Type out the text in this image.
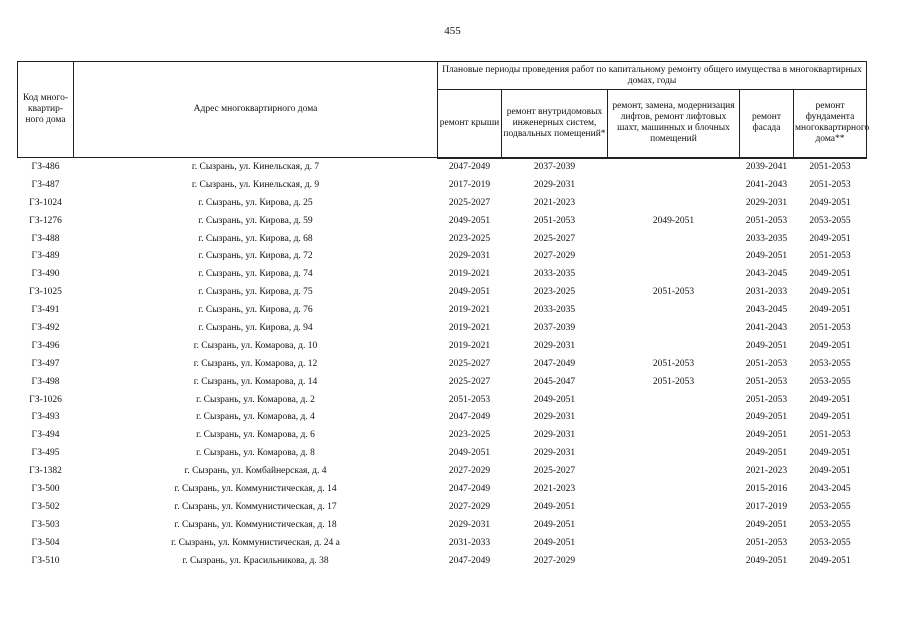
455
Код много-квартир-ного дома	Адрес многоквартирного дома	Плановые периоды проведения работ по капитальному ремонту общего имущества в многоквартирных домах, годы				
		ремонт крыши	ремонт внутридомовых инженерных систем, подвальных помещений*	ремонт, замена, модернизация лифтов, ремонт лифтовых шахт, машинных и блочных помещений	ремонт фасада	ремонт фундамента многоквартирного дома**
ГЗ-486	г. Сызрань, ул. Кинельская, д. 7	2047-2049	2037-2039		2039-2041	2051-2053
ГЗ-487	г. Сызрань, ул. Кинельская, д. 9	2017-2019	2029-2031		2041-2043	2051-2053
ГЗ-1024	г. Сызрань, ул. Кирова, д. 25	2025-2027	2021-2023		2029-2031	2049-2051
ГЗ-1276	г. Сызрань, ул. Кирова, д. 59	2049-2051	2051-2053	2049-2051	2051-2053	2053-2055
ГЗ-488	г. Сызрань, ул. Кирова, д. 68	2023-2025	2025-2027		2033-2035	2049-2051
ГЗ-489	г. Сызрань, ул. Кирова, д. 72	2029-2031	2027-2029		2049-2051	2051-2053
ГЗ-490	г. Сызрань, ул. Кирова, д. 74	2019-2021	2033-2035		2043-2045	2049-2051
ГЗ-1025	г. Сызрань, ул. Кирова, д. 75	2049-2051	2023-2025	2051-2053	2031-2033	2049-2051
ГЗ-491	г. Сызрань, ул. Кирова, д. 76	2019-2021	2033-2035		2043-2045	2049-2051
ГЗ-492	г. Сызрань, ул. Кирова, д. 94	2019-2021	2037-2039		2041-2043	2051-2053
ГЗ-496	г. Сызрань, ул. Комарова, д. 10	2019-2021	2029-2031		2049-2051	2049-2051
ГЗ-497	г. Сызрань, ул. Комарова, д. 12	2025-2027	2047-2049	2051-2053	2051-2053	2053-2055
ГЗ-498	г. Сызрань, ул. Комарова, д. 14	2025-2027	2045-2047	2051-2053	2051-2053	2053-2055
ГЗ-1026	г. Сызрань, ул. Комарова, д. 2	2051-2053	2049-2051		2051-2053	2049-2051
ГЗ-493	г. Сызрань, ул. Комарова, д. 4	2047-2049	2029-2031		2049-2051	2049-2051
ГЗ-494	г. Сызрань, ул. Комарова, д. 6	2023-2025	2029-2031		2049-2051	2051-2053
ГЗ-495	г. Сызрань, ул. Комарова, д. 8	2049-2051	2029-2031		2049-2051	2049-2051
ГЗ-1382	г. Сызрань, ул. Комбайнерская, д. 4	2027-2029	2025-2027		2021-2023	2049-2051
ГЗ-500	г. Сызрань, ул. Коммунистическая, д. 14	2047-2049	2021-2023		2015-2016	2043-2045
ГЗ-502	г. Сызрань, ул. Коммунистическая, д. 17	2027-2029	2049-2051		2017-2019	2053-2055
ГЗ-503	г. Сызрань, ул. Коммунистическая, д. 18	2029-2031	2049-2051		2049-2051	2053-2055
ГЗ-504	г. Сызрань, ул. Коммунистическая, д. 24 а	2031-2033	2049-2051		2051-2053	2053-2055
ГЗ-510	г. Сызрань, ул. Красильникова, д. 38	2047-2049	2027-2029		2049-2051	2049-2051
